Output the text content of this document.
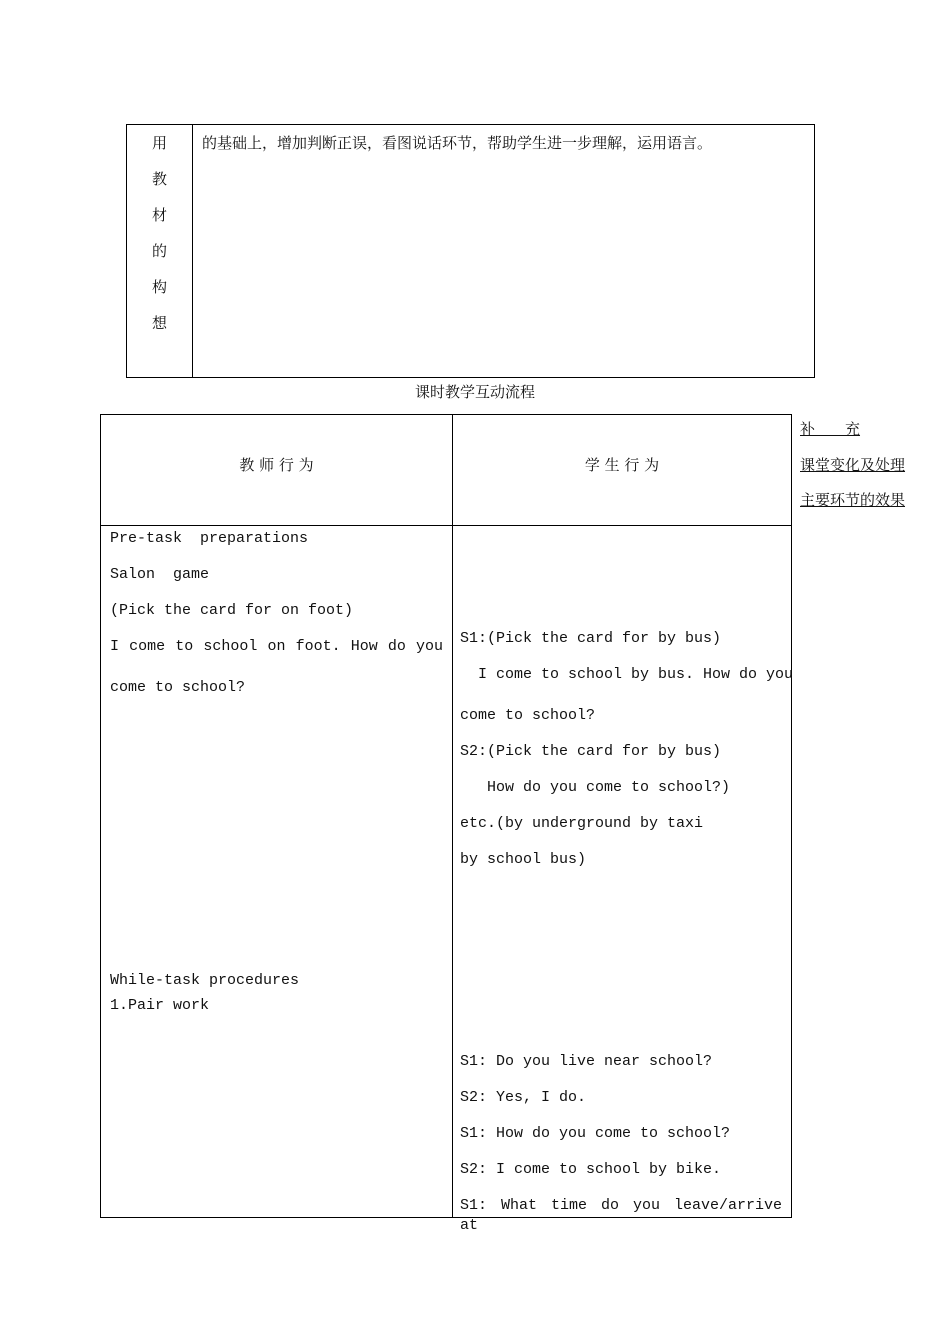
用
教
材
的
构
想
的基础上，增加判断正误，看图说话环节，帮助学生进一步理解，运用语言。
课时教学互动流程
教 师 行 为	学 生 行 为
Pre-task  preparations
Salon  game
(Pick the card for on foot)
I come to school on foot. How do you
come to school?
While-task procedures
1.Pair work
S1:(Pick the card for by bus)
I come to school by bus. How do you
come to school?
S2:(Pick the card for by bus)
How do you come to school?)
etc.(by underground by taxi
by school bus)
S1: Do you live near school?
S2: Yes, I do.
S1: How do you come to school?
S2: I come to school by bike.
S1: What time do you leave/arrive at
补　　充
课堂变化及处理
主要环节的效果
